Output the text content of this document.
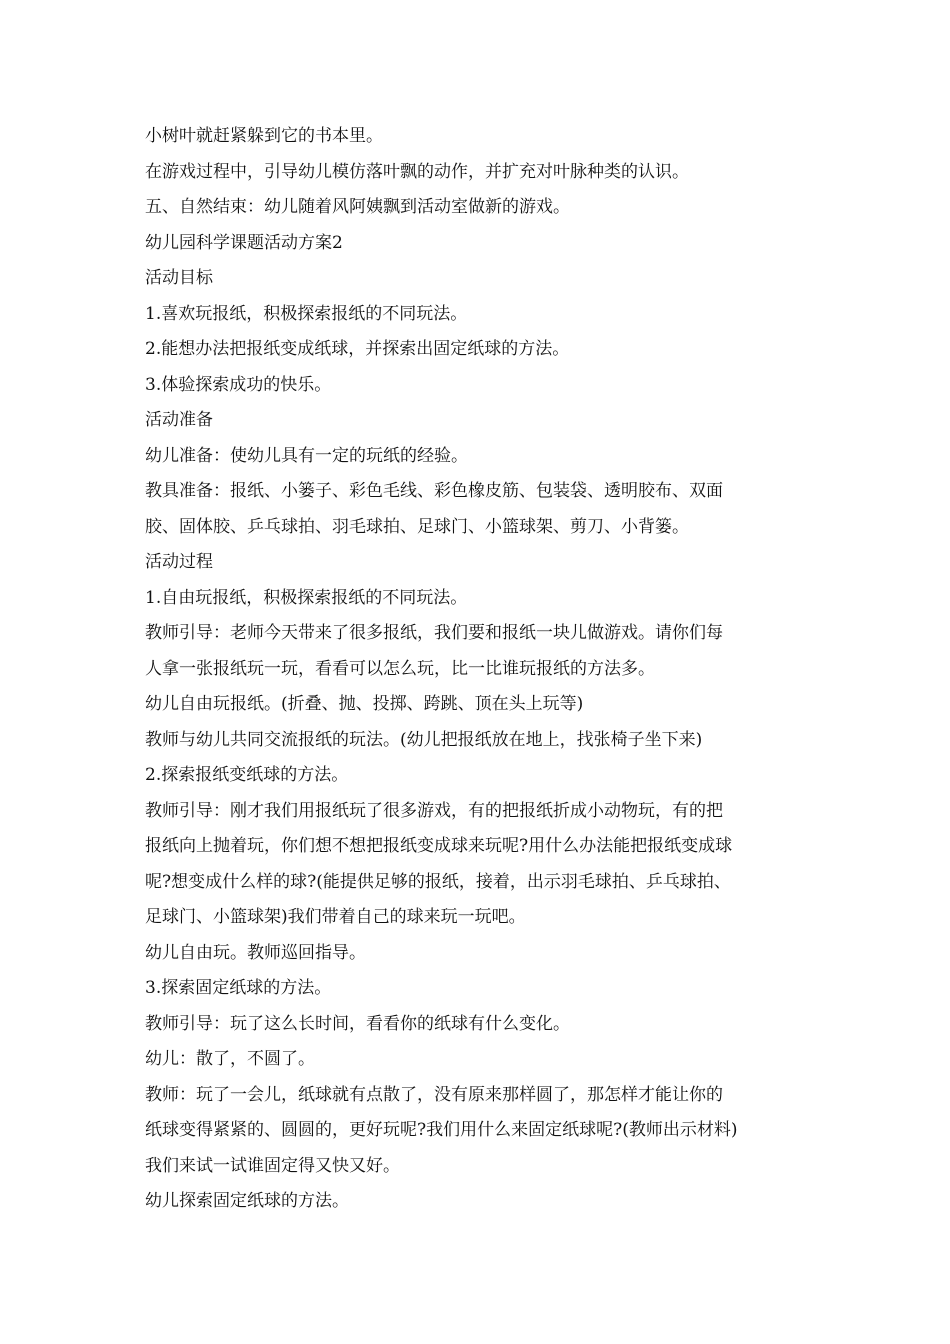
小树叶就赶紧躲到它的书本里。
在游戏过程中，引导幼儿模仿落叶飘的动作，并扩充对叶脉种类的认识。
五、自然结束：幼儿随着风阿姨飘到活动室做新的游戏。
幼儿园科学课题活动方案2
活动目标
1.喜欢玩报纸，积极探索报纸的不同玩法。
2.能想办法把报纸变成纸球，并探索出固定纸球的方法。
3.体验探索成功的快乐。
活动准备
幼儿准备：使幼儿具有一定的玩纸的经验。
教具准备：报纸、小篓子、彩色毛线、彩色橡皮筋、包装袋、透明胶布、双面
胶、固体胶、乒乓球拍、羽毛球拍、足球门、小篮球架、剪刀、小背篓。
活动过程
1.自由玩报纸，积极探索报纸的不同玩法。
教师引导：老师今天带来了很多报纸，我们要和报纸一块儿做游戏。请你们每
人拿一张报纸玩一玩，看看可以怎么玩，比一比谁玩报纸的方法多。
幼儿自由玩报纸。(折叠、抛、投掷、跨跳、顶在头上玩等)
教师与幼儿共同交流报纸的玩法。(幼儿把报纸放在地上，找张椅子坐下来)
2.探索报纸变纸球的方法。
教师引导：刚才我们用报纸玩了很多游戏，有的把报纸折成小动物玩，有的把
报纸向上抛着玩，你们想不想把报纸变成球来玩呢?用什么办法能把报纸变成球
呢?想变成什么样的球?(能提供足够的报纸，接着，出示羽毛球拍、乒乓球拍、
足球门、小篮球架)我们带着自己的球来玩一玩吧。
幼儿自由玩。教师巡回指导。
3.探索固定纸球的方法。
教师引导：玩了这么长时间，看看你的纸球有什么变化。
幼儿：散了，不圆了。
教师：玩了一会儿，纸球就有点散了，没有原来那样圆了，那怎样才能让你的
纸球变得紧紧的、圆圆的，更好玩呢?我们用什么来固定纸球呢?(教师出示材料)
我们来试一试谁固定得又快又好。
幼儿探索固定纸球的方法。
